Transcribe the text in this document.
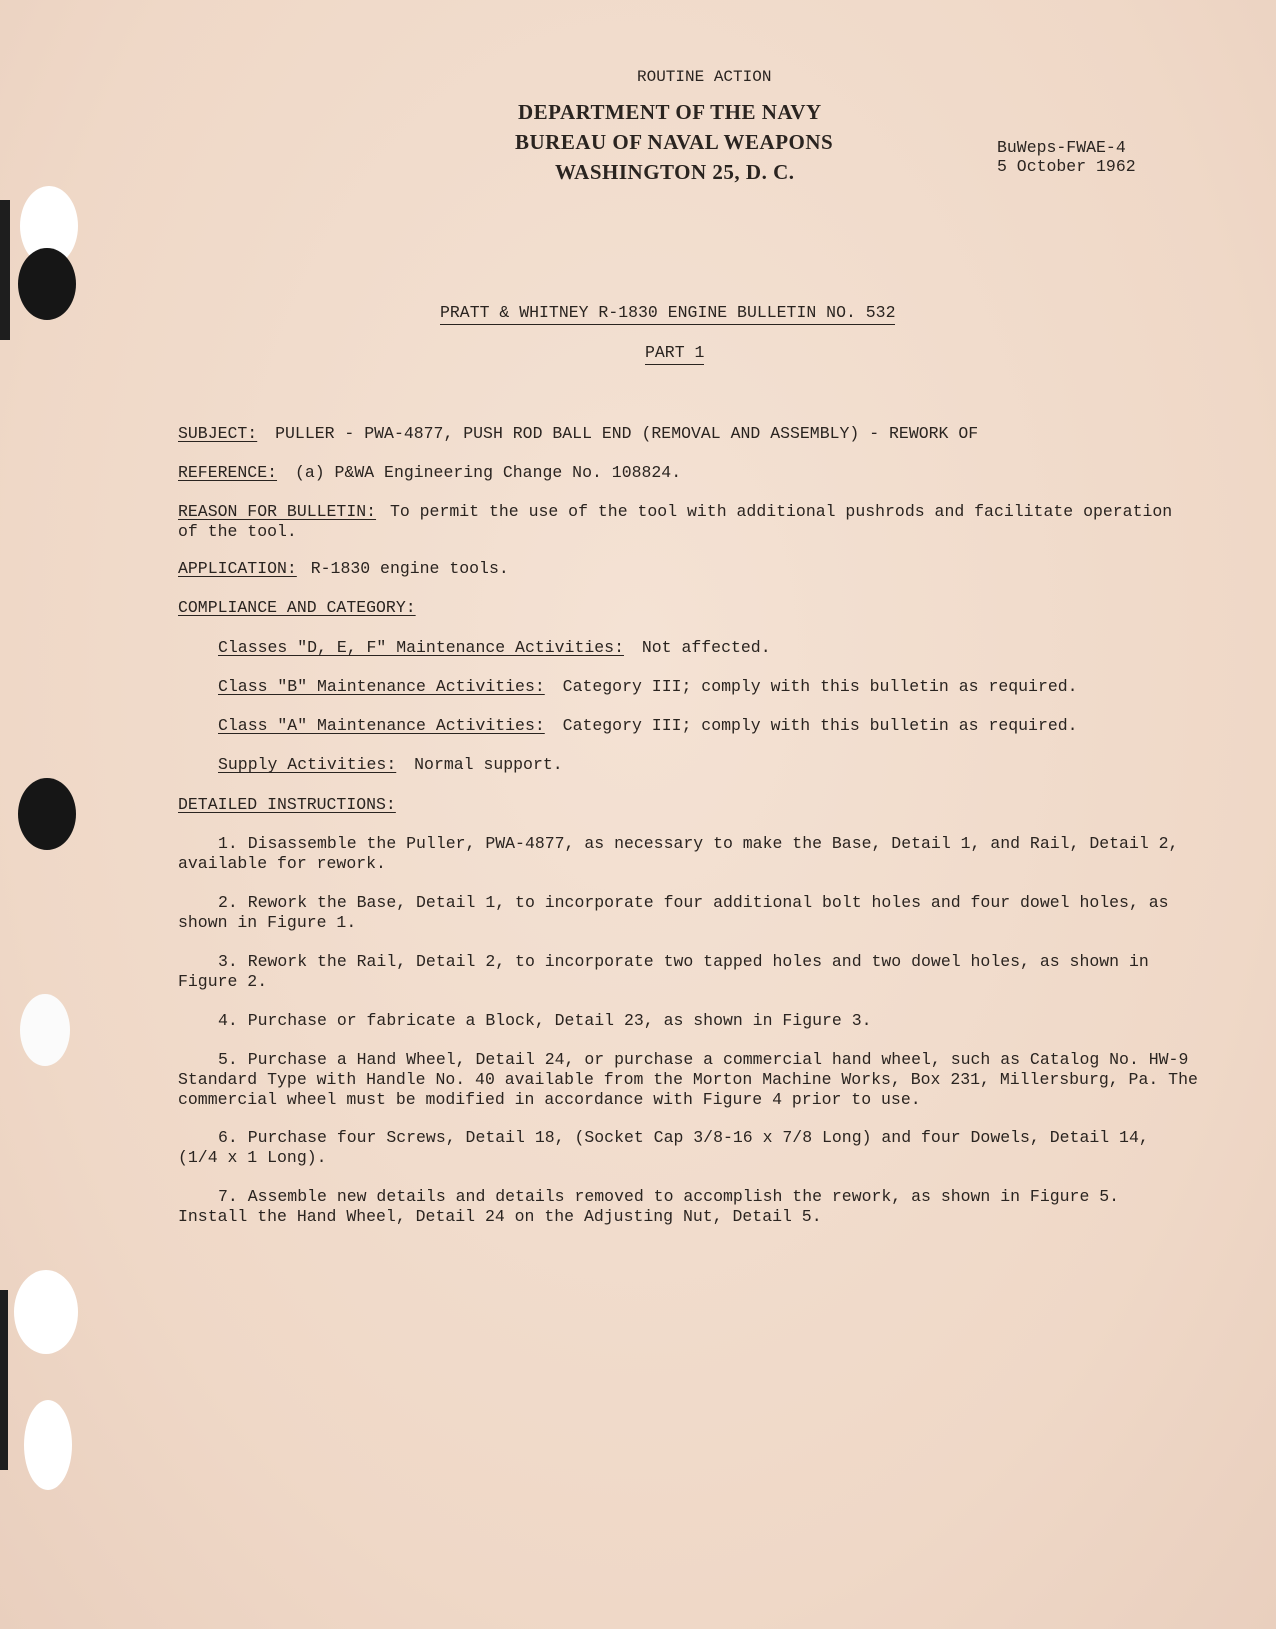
ROUTINE ACTION
DEPARTMENT OF THE NAVY
BUREAU OF NAVAL WEAPONS
WASHINGTON 25, D. C.
BuWeps-FWAE-4
5 October 1962
PRATT & WHITNEY R-1830 ENGINE BULLETIN NO. 532
PART 1
SUBJECT: PULLER - PWA-4877, PUSH ROD BALL END (REMOVAL AND ASSEMBLY) - REWORK OF
REFERENCE: (a) P&WA Engineering Change No. 108824.
REASON FOR BULLETIN: To permit the use of the tool with additional pushrods and facilitate operation of the tool.
APPLICATION: R-1830 engine tools.
COMPLIANCE AND CATEGORY:
Classes "D, E, F" Maintenance Activities: Not affected.
Class "B" Maintenance Activities: Category III; comply with this bulletin as required.
Class "A" Maintenance Activities: Category III; comply with this bulletin as required.
Supply Activities: Normal support.
DETAILED INSTRUCTIONS:
1. Disassemble the Puller, PWA-4877, as necessary to make the Base, Detail 1, and Rail, Detail 2, available for rework.
2. Rework the Base, Detail 1, to incorporate four additional bolt holes and four dowel holes, as shown in Figure 1.
3. Rework the Rail, Detail 2, to incorporate two tapped holes and two dowel holes, as shown in Figure 2.
4. Purchase or fabricate a Block, Detail 23, as shown in Figure 3.
5. Purchase a Hand Wheel, Detail 24, or purchase a commercial hand wheel, such as Catalog No. HW-9 Standard Type with Handle No. 40 available from the Morton Machine Works, Box 231, Millersburg, Pa. The commercial wheel must be modified in accordance with Figure 4 prior to use.
6. Purchase four Screws, Detail 18, (Socket Cap 3/8-16 x 7/8 Long) and four Dowels, Detail 14, (1/4 x 1 Long).
7. Assemble new details and details removed to accomplish the rework, as shown in Figure 5. Install the Hand Wheel, Detail 24 on the Adjusting Nut, Detail 5.
